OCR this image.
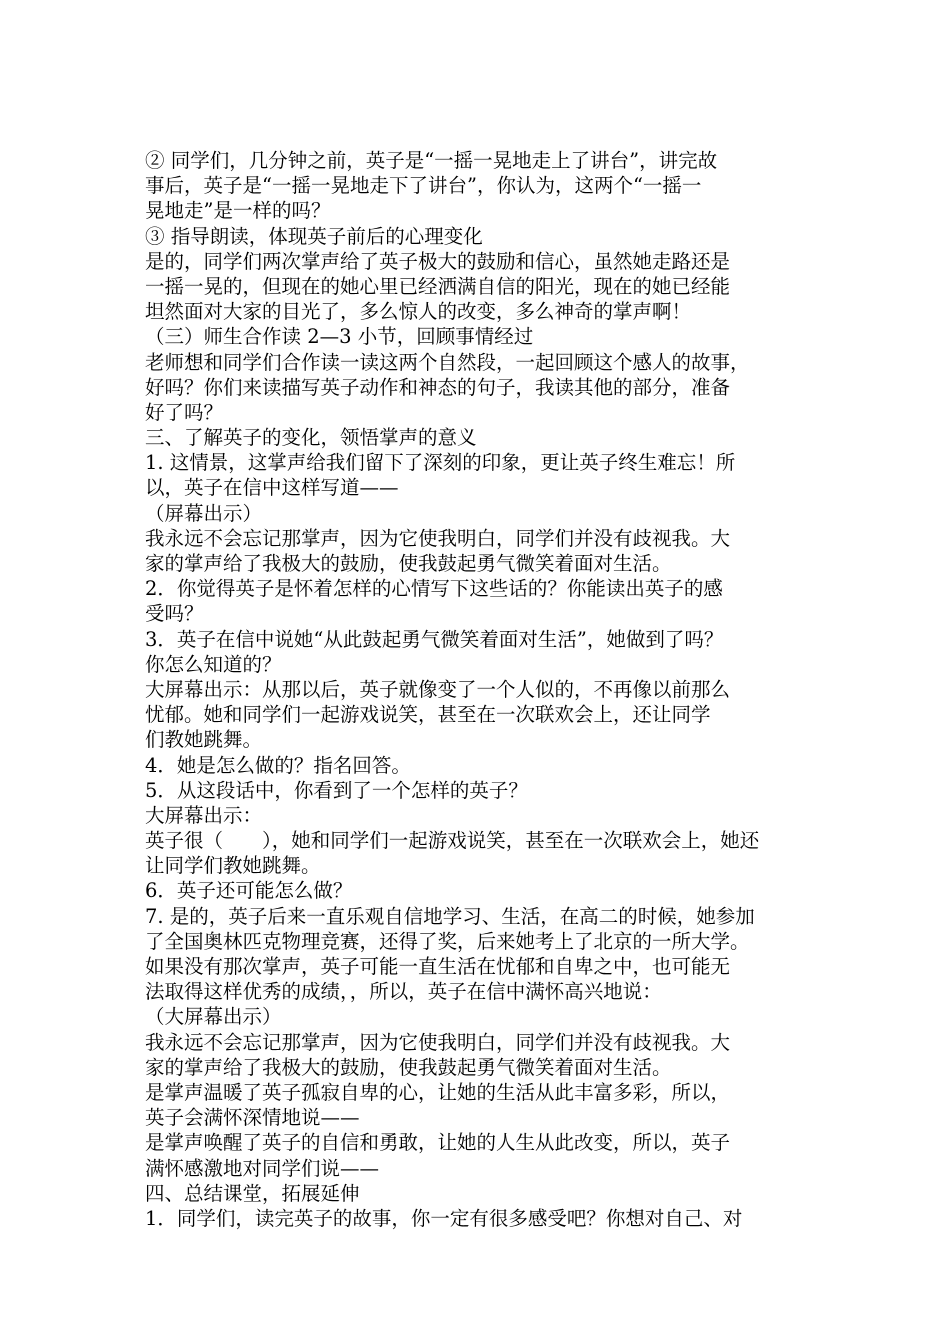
② 同学们，几分钟之前，英子是“一摇一晃地走上了讲台”，讲完故
事后，英子是“一摇一晃地走下了讲台”，你认为，这两个“一摇一
晃地走”是一样的吗？
③ 指导朗读，体现英子前后的心理变化
是的，同学们两次掌声给了英子极大的鼓励和信心，虽然她走路还是
一摇一晃的，但现在的她心里已经洒满自信的阳光，现在的她已经能
坦然面对大家的目光了，多么惊人的改变，多么神奇的掌声啊！
（三）师生合作读 2—3 小节，回顾事情经过
老师想和同学们合作读一读这两个自然段，一起回顾这个感人的故事，
好吗？你们来读描写英子动作和神态的句子，我读其他的部分，准备
好了吗？
三、了解英子的变化，领悟掌声的意义
1. 这情景，这掌声给我们留下了深刻的印象，更让英子终生难忘！所
以，英子在信中这样写道——
（屏幕出示）
我永远不会忘记那掌声，因为它使我明白，同学们并没有歧视我。大
家的掌声给了我极大的鼓励，使我鼓起勇气微笑着面对生活。
2．你觉得英子是怀着怎样的心情写下这些话的？你能读出英子的感
受吗？
3．英子在信中说她“从此鼓起勇气微笑着面对生活”，她做到了吗？
你怎么知道的？
大屏幕出示：从那以后，英子就像变了一个人似的，不再像以前那么
忧郁。她和同学们一起游戏说笑，甚至在一次联欢会上，还让同学
们教她跳舞。
4．她是怎么做的？指名回答。
5．从这段话中，你看到了一个怎样的英子？
大屏幕出示：
英子很（　　），她和同学们一起游戏说笑，甚至在一次联欢会上，她还
让同学们教她跳舞。
6．英子还可能怎么做？
7. 是的，英子后来一直乐观自信地学习、生活，在高二的时候，她参加
了全国奥林匹克物理竞赛，还得了奖，后来她考上了北京的一所大学。
如果没有那次掌声，英子可能一直生活在忧郁和自卑之中，也可能无
法取得这样优秀的成绩，，所以，英子在信中满怀高兴地说：
（大屏幕出示）
我永远不会忘记那掌声，因为它使我明白，同学们并没有歧视我。大
家的掌声给了我极大的鼓励，使我鼓起勇气微笑着面对生活。
是掌声温暖了英子孤寂自卑的心，让她的生活从此丰富多彩，所以，
英子会满怀深情地说——
是掌声唤醒了英子的自信和勇敢，让她的人生从此改变，所以，英子
满怀感激地对同学们说——
四、总结课堂，拓展延伸
1．同学们，读完英子的故事，你一定有很多感受吧？你想对自己、对
